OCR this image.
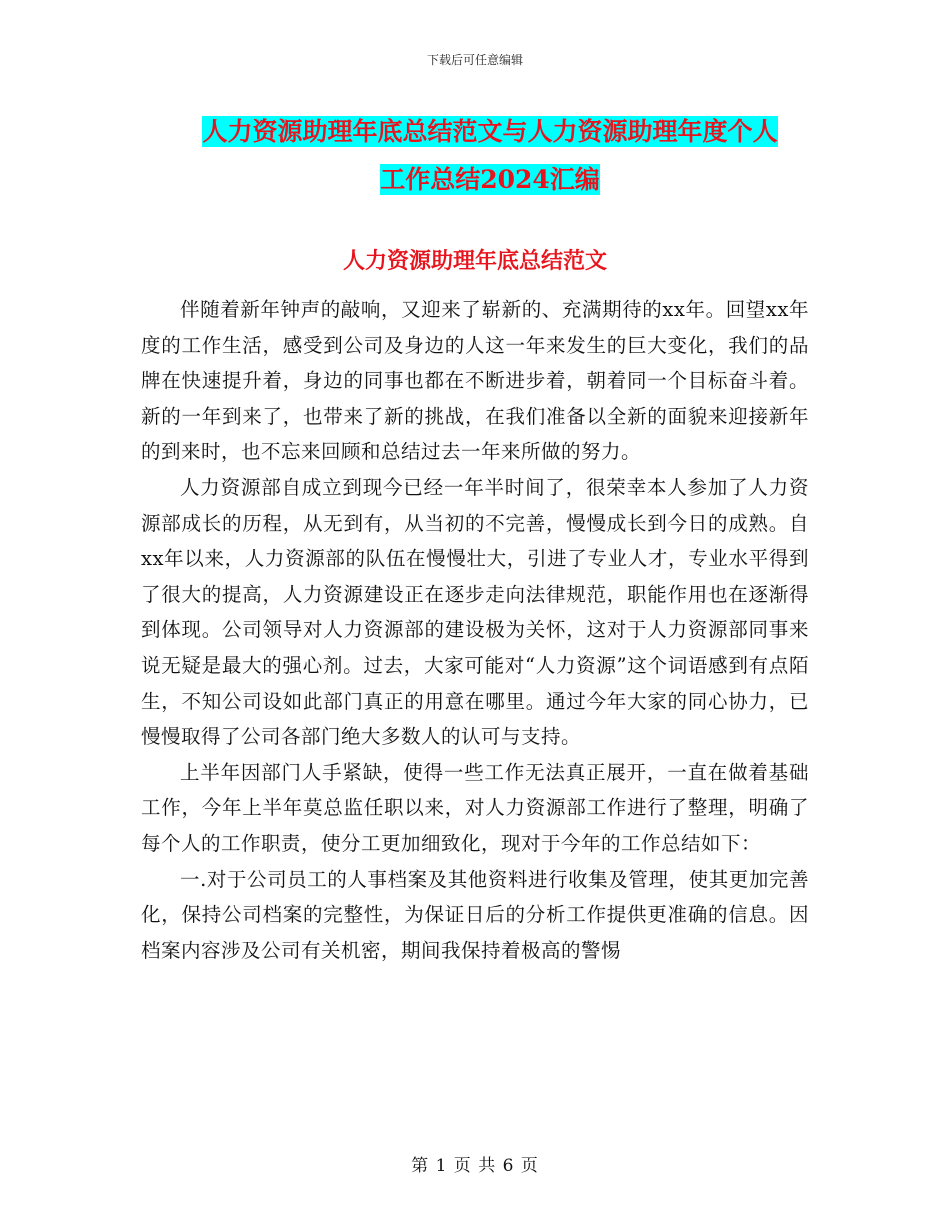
下载后可任意编辑
人力资源助理年底总结范文与人力资源助理年度个人
工作总结2024汇编
人力资源助理年底总结范文

伴随着新年钟声的敲响，又迎来了崭新的、充满期待的xx年。回望xx年度的工作生活，感受到公司及身边的人这一年来发生的巨大变化，我们的品牌在快速提升着，身边的同事也都在不断进步着，朝着同一个目标奋斗着。新的一年到来了，也带来了新的挑战，在我们准备以全新的面貌来迎接新年的到来时，也不忘来回顾和总结过去一年来所做的努力。

人力资源部自成立到现今已经一年半时间了，很荣幸本人参加了人力资源部成长的历程，从无到有，从当初的不完善，慢慢成长到今日的成熟。自xx年以来，人力资源部的队伍在慢慢壮大，引进了专业人才，专业水平得到了很大的提高，人力资源建设正在逐步走向法律规范，职能作用也在逐渐得到体现。公司领导对人力资源部的建设极为关怀，这对于人力资源部同事来说无疑是最大的强心剂。过去，大家可能对“人力资源”这个词语感到有点陌生，不知公司设如此部门真正的用意在哪里。通过今年大家的同心协力，已慢慢取得了公司各部门绝大多数人的认可与支持。

上半年因部门人手紧缺，使得一些工作无法真正展开，一直在做着基础工作，今年上半年莫总监任职以来，对人力资源部工作进行了整理，明确了每个人的工作职责，使分工更加细致化，现对于今年的工作总结如下：

一.对于公司员工的人事档案及其他资料进行收集及管理，使其更加完善化，保持公司档案的完整性，为保证日后的分析工作提供更准确的信息。因档案内容涉及公司有关机密，期间我保持着极高的警惕

第 1 页 共 6 页
